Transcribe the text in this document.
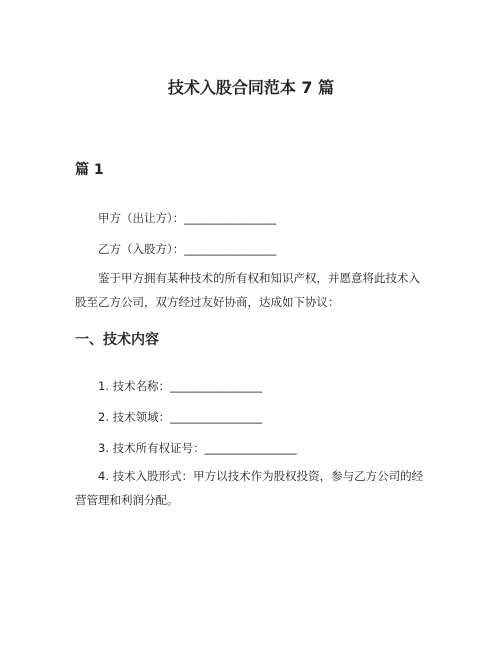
技术入股合同范本 7 篇
篇 1

甲方（出让方）：________________

乙方（入股方）：________________

鉴于甲方拥有某种技术的所有权和知识产权，并愿意将此技术入股至乙方公司，双方经过友好协商，达成如下协议：

一、技术内容

1. 技术名称：________________

2. 技术领域：________________

3. 技术所有权证号：________________

4. 技术入股形式：甲方以技术作为股权投资，参与乙方公司的经营管理和利润分配。
